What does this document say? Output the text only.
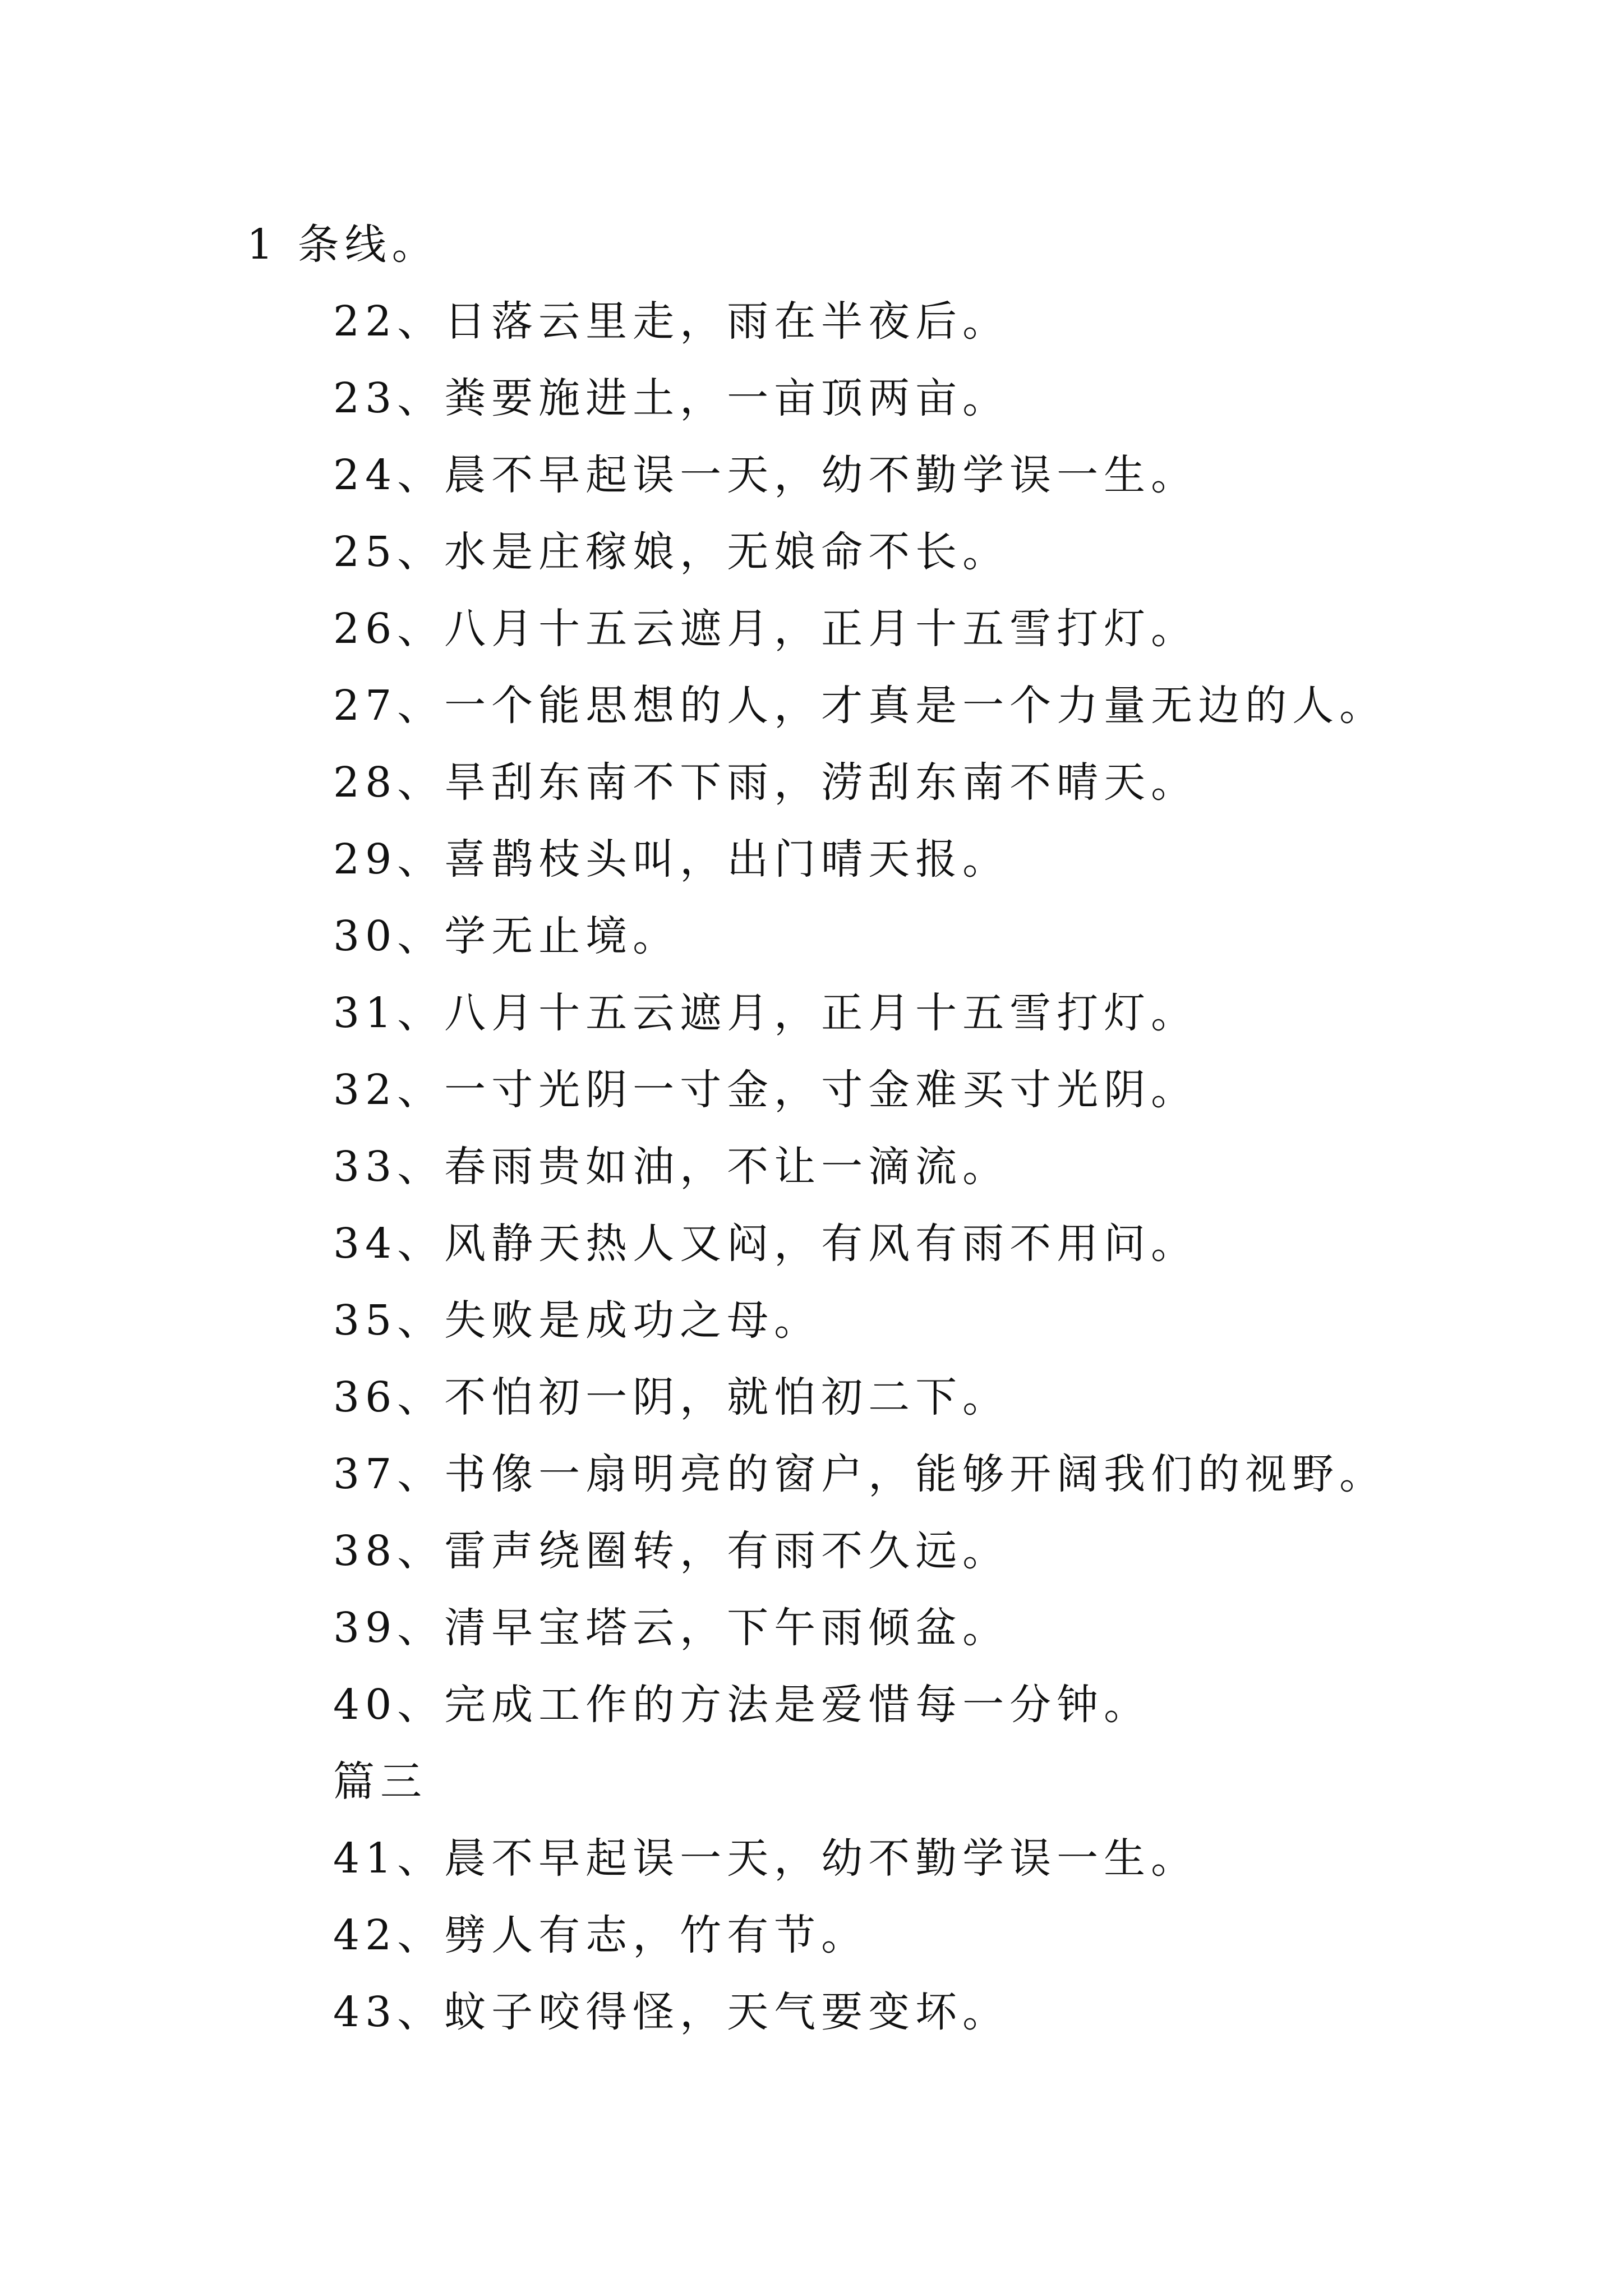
1 条线。
22、日落云里走，雨在半夜后。
23、粪要施进土，一亩顶两亩。
24、晨不早起误一天，幼不勤学误一生。
25、水是庄稼娘，无娘命不长。
26、八月十五云遮月，正月十五雪打灯。
27、一个能思想的人，才真是一个力量无边的人。
28、旱刮东南不下雨，涝刮东南不晴天。
29、喜鹊枝头叫，出门晴天报。
30、学无止境。
31、八月十五云遮月，正月十五雪打灯。
32、一寸光阴一寸金，寸金难买寸光阴。
33、春雨贵如油，不让一滴流。
34、风静天热人又闷，有风有雨不用问。
35、失败是成功之母。
36、不怕初一阴，就怕初二下。
37、书像一扇明亮的窗户，能够开阔我们的视野。
38、雷声绕圈转，有雨不久远。
39、清早宝塔云，下午雨倾盆。
40、完成工作的方法是爱惜每一分钟。
篇三
41、晨不早起误一天，幼不勤学误一生。
42、劈人有志，竹有节。
43、蚊子咬得怪，天气要变坏。
